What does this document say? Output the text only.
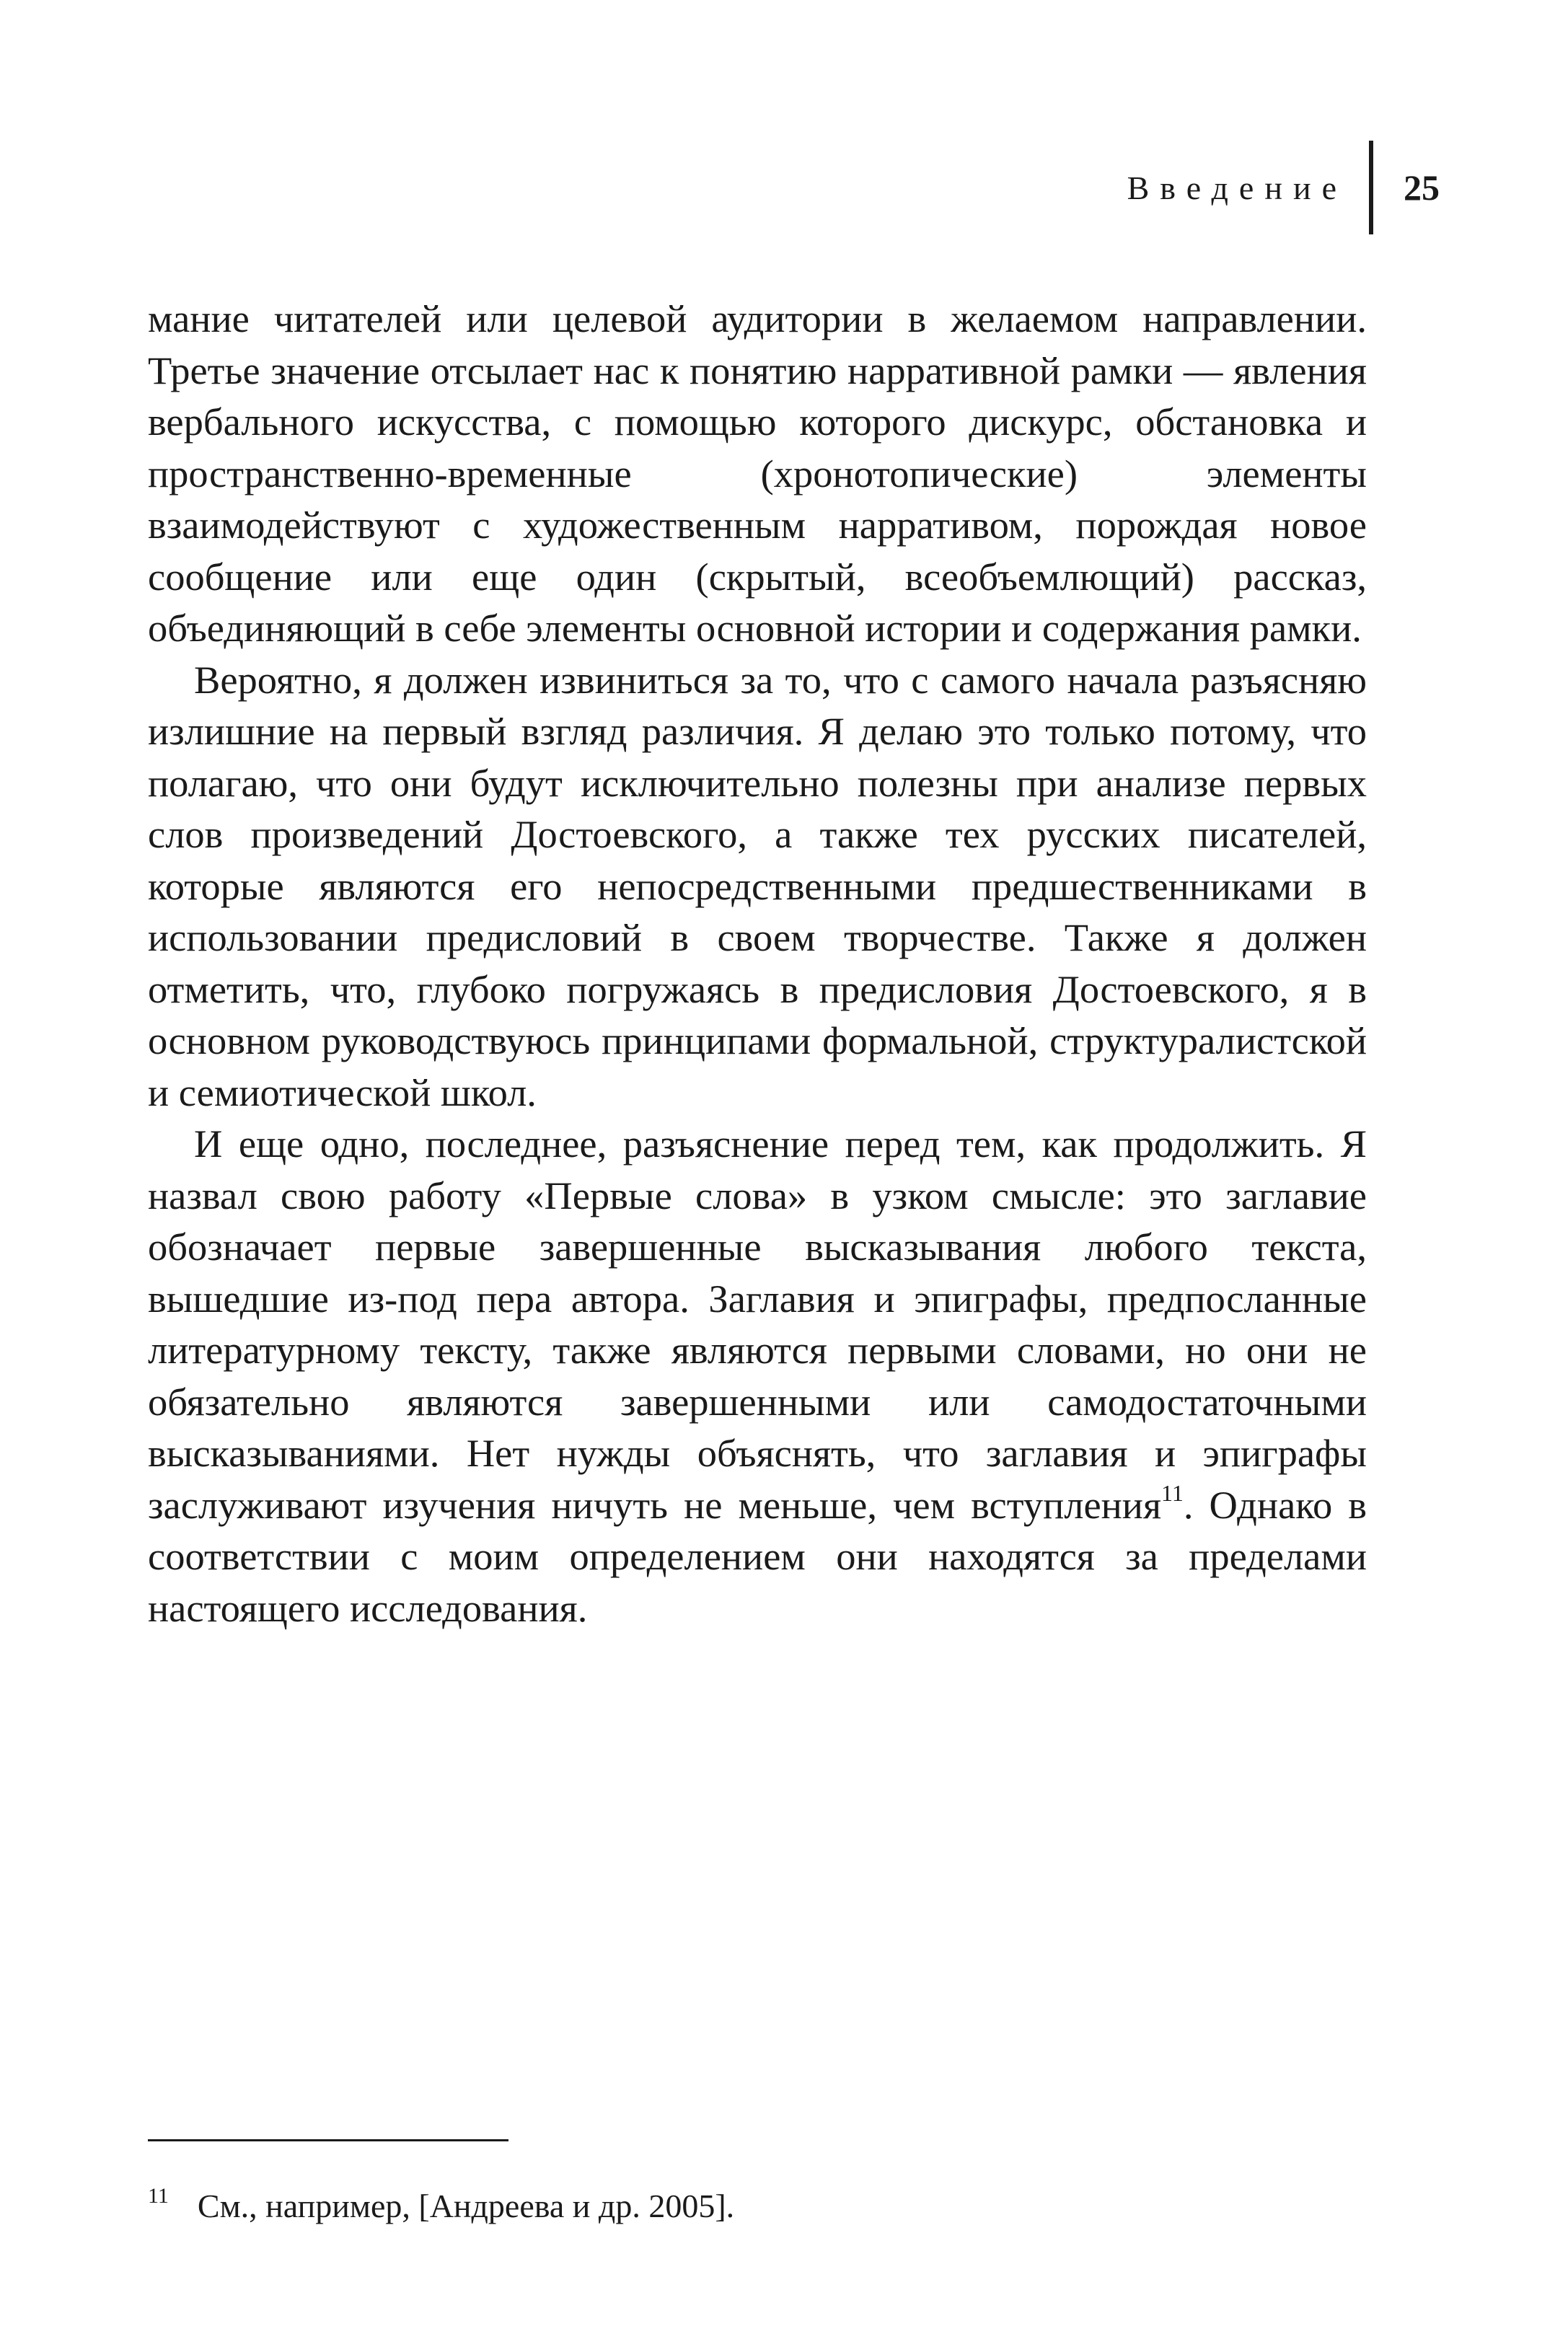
Введение 25

мание читателей или целевой аудитории в желаемом направлении. Третье значение отсылает нас к понятию нарративной рамки — явления вербального искусства, с помощью которого дискурс, обстановка и пространственно-временные (хронотопические) элементы взаимодействуют с художественным нарративом, порождая новое сообщение или еще один (скрытый, всеобъемлющий) рассказ, объединяющий в себе элементы основной истории и содержания рамки.

Вероятно, я должен извиниться за то, что с самого начала разъясняю излишние на первый взгляд различия. Я делаю это только потому, что полагаю, что они будут исключительно полезны при анализе первых слов произведений Достоевского, а также тех русских писателей, которые являются его непосредственными предшественниками в использовании предисловий в своем творчестве. Также я должен отметить, что, глубоко погружаясь в предисловия Достоевского, я в основном руководствуюсь принципами формальной, структуралистской и семиотической школ.

И еще одно, последнее, разъяснение перед тем, как продолжить. Я назвал свою работу «Первые слова» в узком смысле: это заглавие обозначает первые завершенные высказывания любого текста, вышедшие из-под пера автора. Заглавия и эпиграфы, предпосланные литературному тексту, также являются первыми словами, но они не обязательно являются завершенными или самодостаточными высказываниями. Нет нужды объяснять, что заглавия и эпиграфы заслуживают изучения ничуть не меньше, чем вступления$^{11}$. Однако в соответствии с моим определением они находятся за пределами настоящего исследования.

$^{11}$ См., например, [Андреева и др. 2005].
